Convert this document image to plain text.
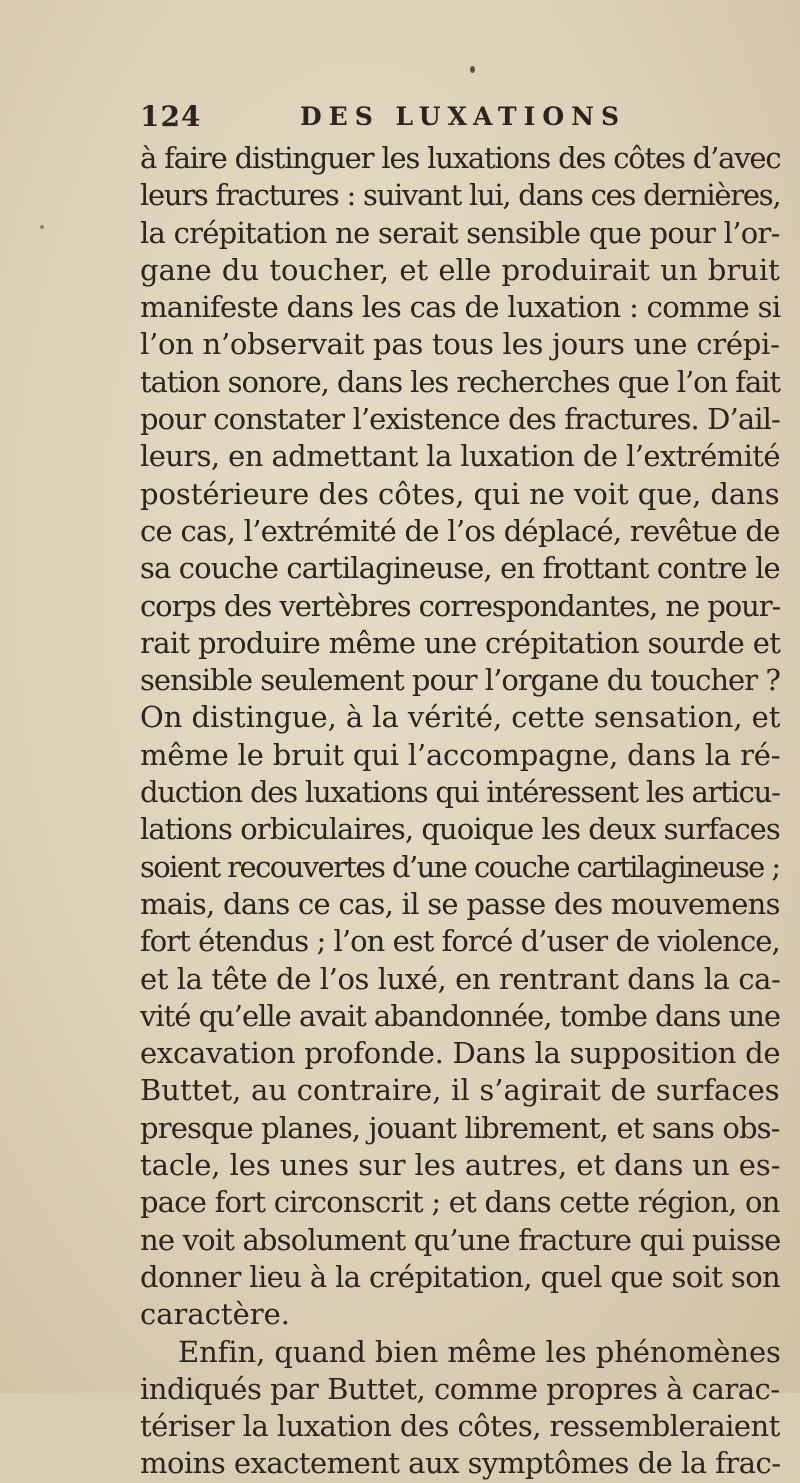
124	DES LUXATIONS
à faire distinguer les luxations des côtes d’avec
leurs fractures : suivant lui, dans ces dernières,
la crépitation ne serait sensible que pour l’or-
gane du toucher, et elle produirait un bruit
manifeste dans les cas de luxation : comme si
l’on n’observait pas tous les jours une crépi-
tation sonore, dans les recherches que l’on fait
pour constater l’existence des fractures. D’ail-
leurs, en admettant la luxation de l’extrémité
postérieure des côtes, qui ne voit que, dans
ce cas, l’extrémité de l’os déplacé, revêtue de
sa couche cartilagineuse, en frottant contre le
corps des vertèbres correspondantes, ne pour-
rait produire même une crépitation sourde et
sensible seulement pour l’organe du toucher ?
On distingue, à la vérité, cette sensation, et
même le bruit qui l’accompagne, dans la ré-
duction des luxations qui intéressent les articu-
lations orbiculaires, quoique les deux surfaces
soient recouvertes d’une couche cartilagineuse ;
mais, dans ce cas, il se passe des mouvemens
fort étendus ; l’on est forcé d’user de violence,
et la tête de l’os luxé, en rentrant dans la ca-
vité qu’elle avait abandonnée, tombe dans une
excavation profonde. Dans la supposition de
Buttet, au contraire, il s’agirait de surfaces
presque planes, jouant librement, et sans obs-
tacle, les unes sur les autres, et dans un es-
pace fort circonscrit ; et dans cette région, on
ne voit absolument qu’une fracture qui puisse
donner lieu à la crépitation, quel que soit son
caractère.
Enfin, quand bien même les phénomènes
indiqués par Buttet, comme propres à carac-
tériser la luxation des côtes, ressembleraient
moins exactement aux symptômes de la frac-
